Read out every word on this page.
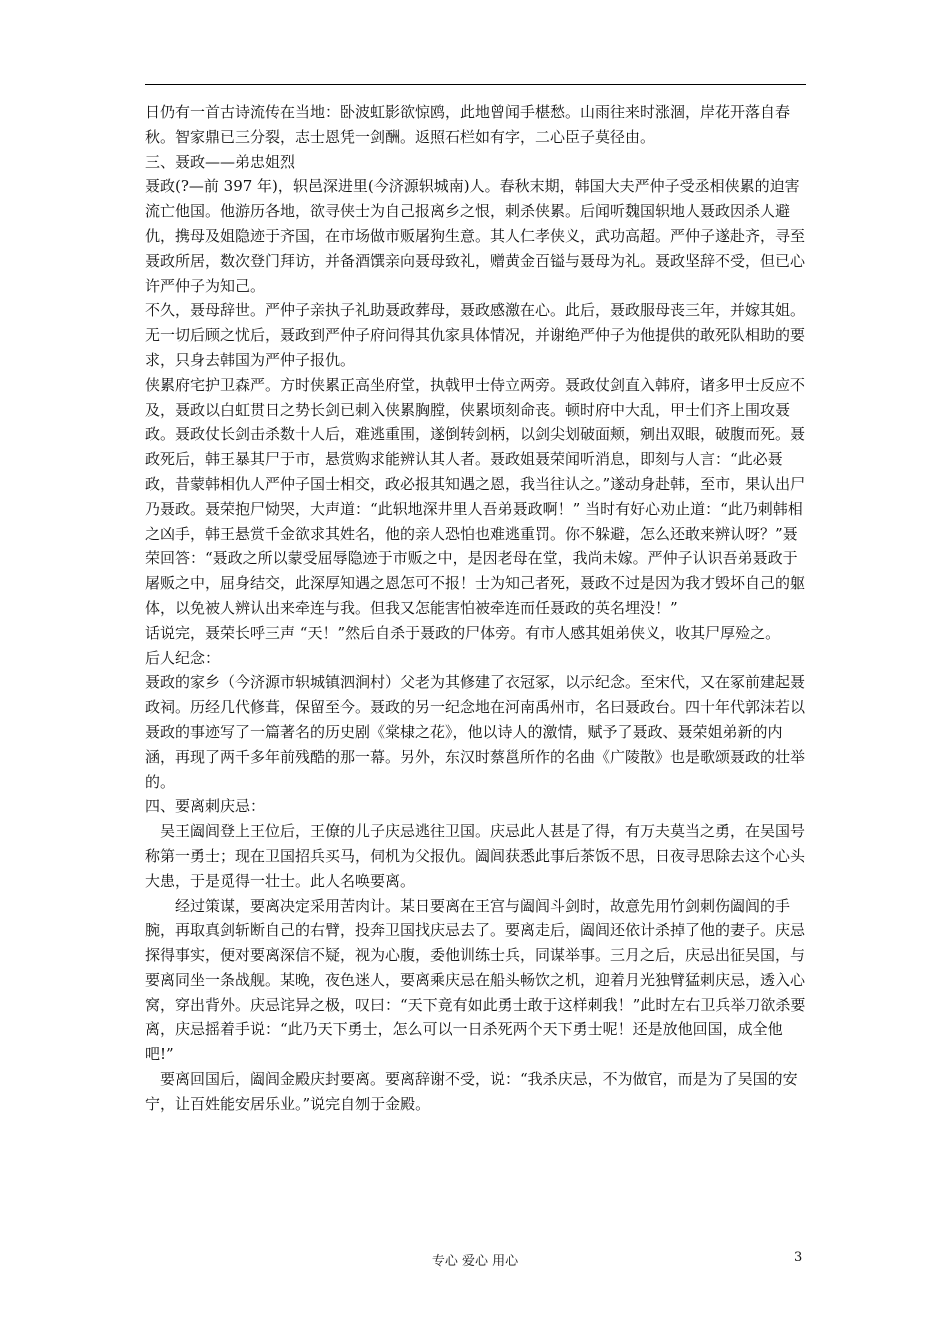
日仍有一首古诗流传在当地：卧波虹影欲惊鸥，此地曾闻手椹愁。山雨往来时涨涸，岸花开落自春秋。智家鼎已三分裂，志士恩凭一剑酬。返照石栏如有字，二心臣子莫径由。

三、聂政——弟忠姐烈

聂政(?—前 397 年)，轵邑深进里(今济源轵城南)人。春秋末期，韩国大夫严仲子受丞相侠累的迫害流亡他国。他游历各地，欲寻侠士为自己报离乡之恨，刺杀侠累。后闻听魏国轵地人聂政因杀人避仇，携母及姐隐迹于齐国，在市场做市贩屠狗生意。其人仁孝侠义，武功高超。严仲子遂赴齐，寻至聂政所居，数次登门拜访，并备酒馔亲向聂母致礼，赠黄金百镒与聂母为礼。聂政坚辞不受，但已心许严仲子为知己。

不久，聂母辞世。严仲子亲执子礼助聂政葬母，聂政感激在心。此后，聂政服母丧三年，并嫁其姐。无一切后顾之忧后，聂政到严仲子府问得其仇家具体情况，并谢绝严仲子为他提供的敢死队相助的要求，只身去韩国为严仲子报仇。

侠累府宅护卫森严。方时侠累正高坐府堂，执戟甲士侍立两旁。聂政仗剑直入韩府，诸多甲士反应不及，聂政以白虹贯日之势长剑已刺入侠累胸膛，侠累顷刻命丧。顿时府中大乱，甲士们齐上围攻聂政。聂政仗长剑击杀数十人后，难逃重围，遂倒转剑柄，以剑尖划破面颊，剜出双眼，破腹而死。聂政死后，韩王暴其尸于市，悬赏购求能辨认其人者。聂政姐聂荣闻听消息，即刻与人言：“此必聂政，昔蒙韩相仇人严仲子国士相交，政必报其知遇之恩，我当往认之。”遂动身赴韩，至市，果认出尸乃聂政。聂荣抱尸恸哭，大声道：“此轵地深井里人吾弟聂政啊！” 当时有好心劝止道：“此乃刺韩相之凶手，韩王悬赏千金欲求其姓名，他的亲人恐怕也难逃重罚。你不躲避，怎么还敢来辨认呀？”聂荣回答：“聂政之所以蒙受屈辱隐迹于市贩之中，是因老母在堂，我尚未嫁。严仲子认识吾弟聂政于屠贩之中，屈身结交，此深厚知遇之恩怎可不报！士为知己者死，聂政不过是因为我才毁坏自己的躯体，以免被人辨认出来牵连与我。但我又怎能害怕被牵连而任聂政的英名埋没！”

话说完，聂荣长呼三声 “天！”然后自杀于聂政的尸体旁。有市人感其姐弟侠义，收其尸厚殓之。

后人纪念：

聂政的家乡（今济源市轵城镇泗涧村）父老为其修建了衣冠冢，以示纪念。至宋代，又在冢前建起聂政祠。历经几代修葺，保留至今。聂政的另一纪念地在河南禹州市，名曰聂政台。四十年代郭沫若以聂政的事迹写了一篇著名的历史剧《棠棣之花》，他以诗人的激情，赋予了聂政、聂荣姐弟新的内涵，再现了两千多年前残酷的那一幕。另外，东汉时蔡邕所作的名曲《广陵散》也是歌颂聂政的壮举的。

四、要离刺庆忌：

吴王阖闾登上王位后，王僚的儿子庆忌逃往卫国。庆忌此人甚是了得，有万夫莫当之勇，在吴国号称第一勇士；现在卫国招兵买马，伺机为父报仇。阖闾获悉此事后茶饭不思，日夜寻思除去这个心头大患，于是觅得一壮士。此人名唤要离。

经过策谋，要离决定采用苦肉计。某日要离在王宫与阖闾斗剑时，故意先用竹剑刺伤阖闾的手腕，再取真剑斩断自己的右臂，投奔卫国找庆忌去了。要离走后，阖闾还依计杀掉了他的妻子。庆忌探得事实，便对要离深信不疑，视为心腹，委他训练士兵，同谋举事。三月之后，庆忌出征吴国，与要离同坐一条战舰。某晚，夜色迷人，要离乘庆忌在船头畅饮之机，迎着月光独臂猛刺庆忌，透入心窝，穿出背外。庆忌诧异之极，叹曰：“天下竟有如此勇士敢于这样刺我！”此时左右卫兵举刀欲杀要离，庆忌摇着手说：“此乃天下勇士，怎么可以一日杀死两个天下勇士呢！还是放他回国，成全他吧!”

要离回国后，阖闾金殿庆封要离。要离辞谢不受，说：“我杀庆忌，不为做官，而是为了吴国的安宁，让百姓能安居乐业。”说完自刎于金殿。

专心 爱心 用心	3
